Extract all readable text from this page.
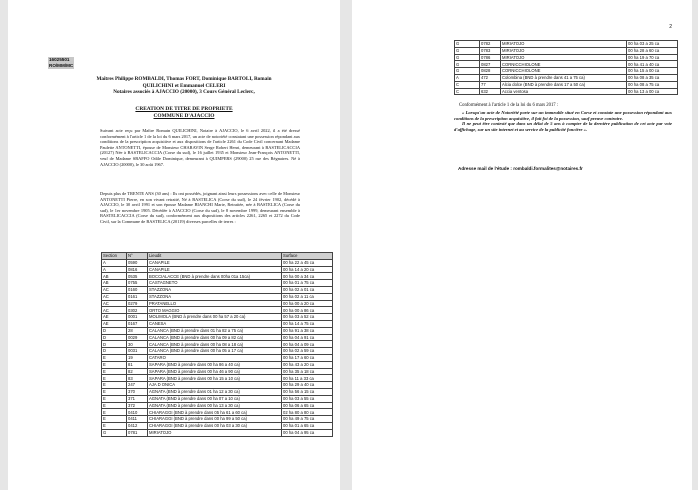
16025501
RO/MM/MC
Maîtres Philippe ROMBALDI, Thomas FORT, Dominique BARTOLI, Romain
QUILICHINI et Emmanuel CELERI
Notaires associés à AJACCIO (20000), 3 Cours Général Leclerc,
CREATION DE TITRE DE PROPRIETE
COMMUNE D'AJACCIO
Suivant acte reçu par Maître Romain QUILICHINI, Notaire à AJACCIO, le 6 avril 2022, il a été dressé conformément à l'article 1 de la loi du 6 mars 2017, un acte de notoriété constatant une possession répondant aux conditions de la prescription acquisitive et aux dispositions de l'article 2261 du Code Civil concernant Madame Paulette ANTONETTI, épouse de Monsieur CHARAVIN Serge Robert Henri, demeurant à BASTELICACCIA (20127) Née à BASTELICACCIA (Corse du sud), le 16 juillet 1935 et Monsieur Jean-François ANTONETTI, veuf de Madame SBAFFO Odile Dominique, demeurant à QUIMPERS (29000) 25 rue des Régnaires. Né à AJACCIO (20000), le 30 août 1967.
Depuis plus de TRENTE ANS (30 ans) : Ils ont possédés, joignant ainsi leurs possessions avec celle de Monsieur ANTONETTI Pierre, en son vivant retraité, Né à BASTELICA (Corse du sud), le 24 février 1902, décédé à AJACCIO, le 30 avril 1991 et son épouse Madame BIANCHI Marie, Retraitée, née à BASTELICA (Corse du sud), le 1er novembre 1905. Décédée à AJACCIO (Corse du sud), le 8 novembre 1999, demeurant ensemble à BASTELICACCIA (Corse du sud), conformément aux dispositions des articles 2261, 2265 et 2272 du Code Civil, sur la Commune de BASTELICA (20119) diverses parcelles de terres :
Section	N°	Lieudit	Surface
A	0590	CANAPILE	00 ha 22 a 45 ca
A	0816	CANAPILE	00 ha 14 a 20 ca
AB	0535	BOCCIALACCE (BND à prendre dans 00ha 01a 15ca)	00 ha 00 a 34 ca
AB	0755	CASTAGNETO	00 ha 01 a 75 ca
AC	0160	STAZZONA	00 ha 02 a 01 ca
AC	0161	STAZZONA	00 ha 02 a 11 ca
AC	0279	PRATANELLO	00 ha 00 a 20 ca
AC	0302	ORTO MAGGIO	00 ha 00 a 86 ca
AE	0001	MOLIMOLA (BND à prendre dans 00 ha 57 a 20 ca)	00 ha 03 a 52 ca
AE	0167	CANESA	00 ha 14 a 75 ca
D	28	CALANCA (BND à prendre dans 01 ha 82 a 75 ca)	00 ha 91 a 38 ca
D	0029	CALANCA (BND à prendre dans 00 ha 09 a 82 ca)	00 ha 04 a 91 ca
D	30	CALANCA (BND à prendre dans 00 ha 08 a 18 ca)	00 ha 04 a 09 ca
D	0031	CALANCA (BND à prendre dans 00 ha 05 a 17 ca)	00 ha 02 a 59 ca
E	19	CATARO	00 ha 17 a 60 ca
E	81	SAPARA (BND à prendre dans 00 ha 86 a 40 ca)	00 ha 43 a 20 ca
E	82	SAPARA (BND à prendre dans 00 ha 46 a 90 ca)	00 ha 35 a 18 ca
E	83	SAPARA (BND à prendre dans 00 ha 15 a 10 ca)	00 ha 11 a 33 ca
E	247	AJA D ONICA	00 ha 29 a 40 ca
E	370	AGNATA (BND à prendre dans 01 ha 12 a 30 ca)	00 ha 56 a 15 ca
E	371	AGNATA (BND à prendre dans 00 ha 07 a 10 ca)	00 ha 03 a 55 ca
E	372	AGNATA (BND à prendre dans 00 ha 13 a 30 ca)	00 ha 06 a 65 ca
E	0410	CHIARAGGI (BND à prendre dans 05 ha 61 a 60 ca)	02 ha 80 a 80 ca
E	0411	CHIARAGGI (BND à prendre dans 00 ha 99 a 50 ca)	00 ha 49 a 75 ca
E	0412	CHIARAGGI (BND à prendre dans 00 ha 03 a 30 ca)	00 ha 01 a 65 ca
G	0781	MIRIATOJO	00 ha 04 a 95 ca
2
G	0782	MIRIATOJO	00 ha 03 a 25 ca
G	0783	MIRIATOJO	00 ha 28 a 60 ca
G	0786	MIRIATOJO	00 ha 19 a 70 ca
G	0827	CORNICCHIOLONE	00 ha 41 a 40 ca
G	0828	CORNICCHIOLONE	00 ha 15 a 00 ca
A	472	Colombina (BND à prendre dans 41 a 75 ca)	00 ha 08 a 35 ca
C	77	Alcia dolce (BND à prendre dans 17 a 50 ca)	00 ha 08 a 75 ca
C	632	Accia ventosa	00 ha 13 a 00 ca
Conformément à l'article 1 de la loi du 6 mars 2017 :

« Lorsqu'un acte de Notoriété porte sur un immeuble situé en Corse et constate une possession répondant aux conditions de la prescription acquisitive, il fait foi de la possession, sauf preuve contraire.

Il ne peut être contesté que dans un délai de 5 ans à compter de la dernière publication de cet acte par voie d'affichage, sur un site internet et au service de la publicité foncière ».

Adresse mail de l'étude : rombaldi.formalites@notaires.fr
